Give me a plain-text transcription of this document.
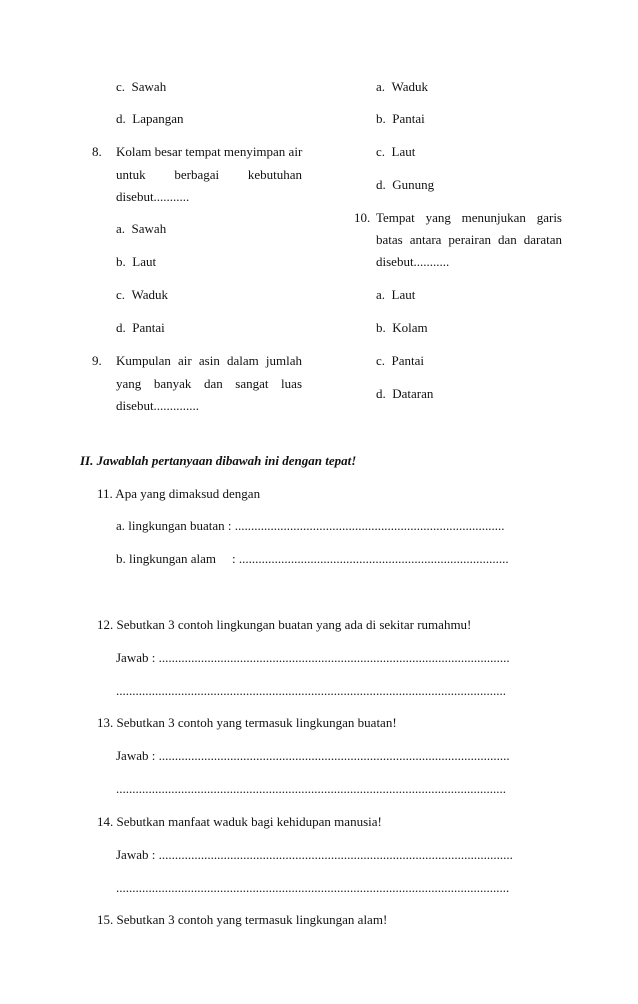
c. Sawah
d. Lapangan
8. Kolam besar tempat menyimpan air
untuk berbagai kebutuhan
disebut...........
a. Sawah
b. Laut
c. Waduk
d. Pantai
9. Kumpulan air asin dalam jumlah
yang banyak dan sangat luas
disebut..............
a. Waduk
b. Pantai
c. Laut
d. Gunung
10. Tempat yang menunjukan garis
batas antara perairan dan daratan
disebut...........
a. Laut
b. Kolam
c. Pantai
d. Dataran
II. Jawablah pertanyaan dibawah ini dengan tepat!
11. Apa yang dimaksud dengan
a. lingkungan buatan : ...................................................................................
b. lingkungan alam : ...................................................................................
12. Sebutkan 3 contoh lingkungan buatan yang ada di sekitar rumahmu!
Jawab : ............................................................................................................
........................................................................................................................
13. Sebutkan 3 contoh yang termasuk lingkungan buatan!
Jawab : ............................................................................................................
........................................................................................................................
14. Sebutkan manfaat waduk bagi kehidupan manusia!
Jawab : .............................................................................................................
.........................................................................................................................
15. Sebutkan 3 contoh yang termasuk lingkungan alam!
